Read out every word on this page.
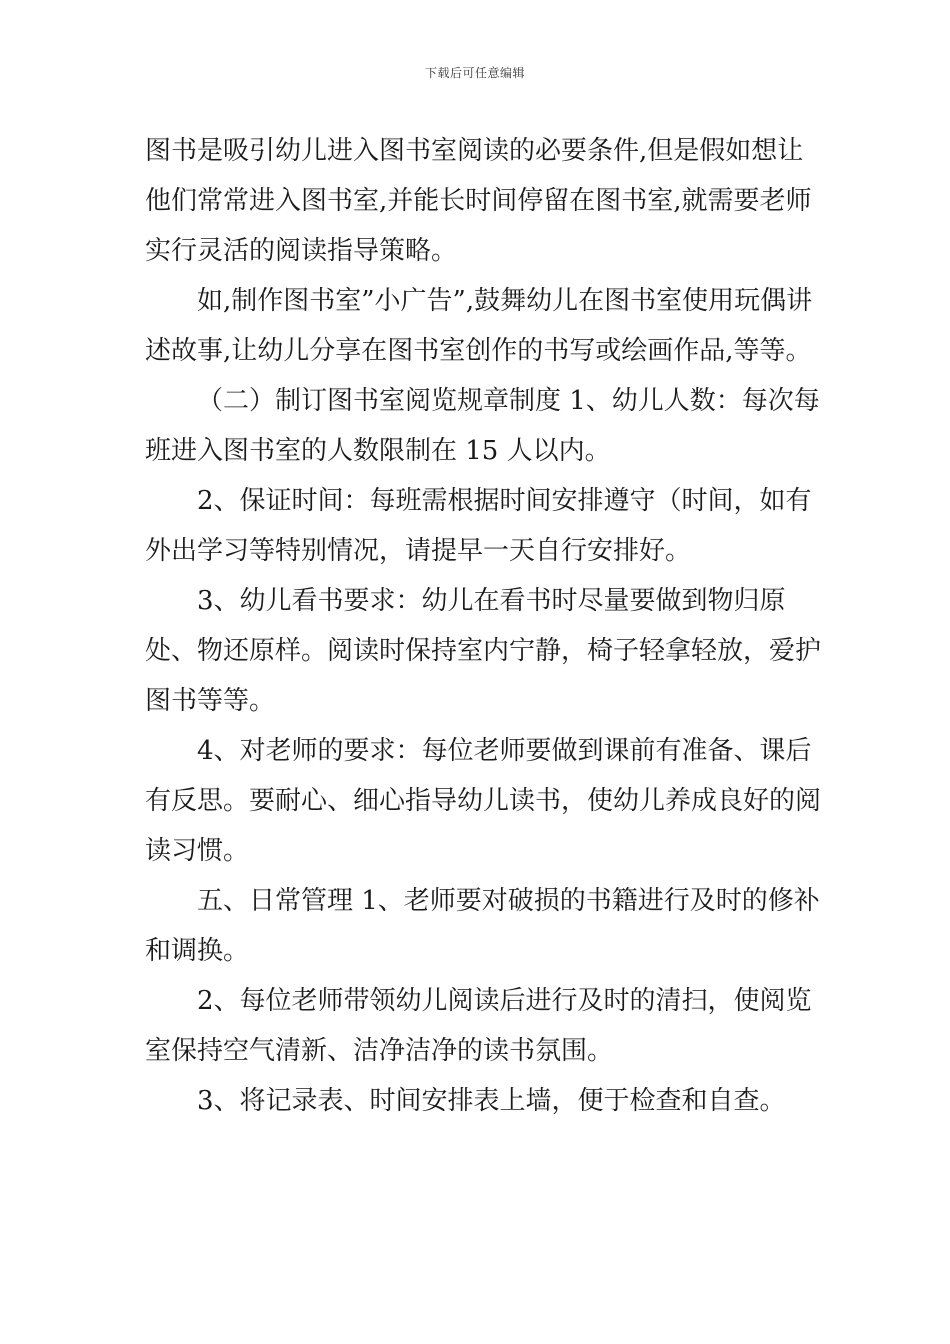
下载后可任意编辑

图书是吸引幼儿进入图书室阅读的必要条件,但是假如想让他们常常进入图书室,并能长时间停留在图书室,就需要老师实行灵活的阅读指导策略。

如,制作图书室”小广告”,鼓舞幼儿在图书室使用玩偶讲述故事,让幼儿分享在图书室创作的书写或绘画作品,等等。

（二）制订图书室阅览规章制度 1、幼儿人数：每次每班进入图书室的人数限制在 15 人以内。

2、保证时间：每班需根据时间安排遵守（时间，如有外出学习等特别情况，请提早一天自行安排好。

3、幼儿看书要求：幼儿在看书时尽量要做到物归原处、物还原样。阅读时保持室内宁静，椅子轻拿轻放，爱护图书等等。

4、对老师的要求：每位老师要做到课前有准备、课后有反思。要耐心、细心指导幼儿读书，使幼儿养成良好的阅读习惯。

五、日常管理 1、老师要对破损的书籍进行及时的修补和调换。

2、每位老师带领幼儿阅读后进行及时的清扫，使阅览室保持空气清新、洁净洁净的读书氛围。

3、将记录表、时间安排表上墙，便于检查和自查。
